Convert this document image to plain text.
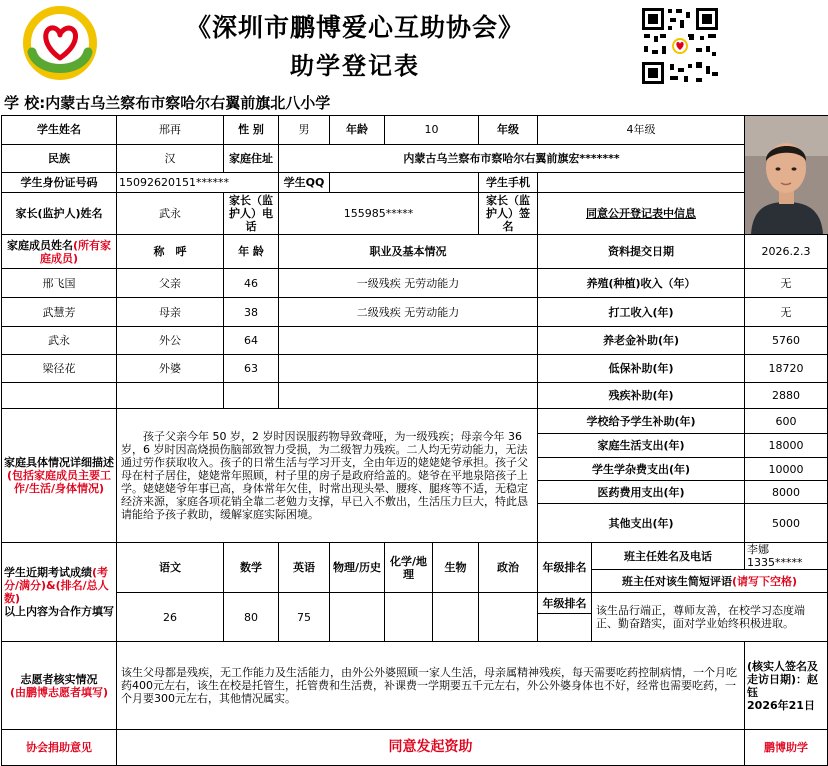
《深圳市鹏博爱心互助协会》
助学登记表
学 校:内蒙古乌兰察布市察哈尔右翼前旗北八小学
学生姓名	邢再	性 别	男	年龄	10		年级	4年级	

民族	汉	家庭住址	内蒙古乌兰察布市察哈尔右翼前旗宏*******							
学生身份证号码	15092620151******		学生QQ				学生手机			
家长(监护人)姓名	武永	家长（监护人）电话	155985*****				家长（监护人）签名	同意公开登记表中信息		
家庭成员姓名(所有家庭成员)	称　呼	年 龄	职业及基本情况					资料提交日期		2026.2.3
邢飞国	父亲	46	一级残疾 无劳动能力					养殖(种植)收入（年）		无
武慧芳	母亲	38	二级残疾 无劳动能力					打工收入(年)		无
武永	外公	64						养老金补助(年)		5760
梁径花	外婆	63						低保补助(年)		18720
								残疾补助(年)		2880
家庭具体情况详细描述(包括家庭成员主要工作/生活/身体情况)	孩子父亲今年 50 岁，2 岁时因误服药物导致聋哑，为一级残疾；母亲今年 36 岁，6 岁时因高烧损伤脑部致智力受损，为二级智力残疾。二人均无劳动能力，无法通过劳作获取收入。孩子的日常生活与学习开支，全由年迈的姥姥姥爷承担。孩子父母在村子居住，姥姥常年照顾，村子里的房子是政府给盖的。姥爷在平地泉陪孩子上学。姥姥姥爷年事已高，身体常年欠佳，时常出现头晕、腰疼、腿疼等不适，无稳定经济来源，家庭各项花销全靠二老勉力支撑，早已入不敷出，生活压力巨大，特此恳请能给予孩子救助，缓解家庭实际困境。							学校给予学生补助(年)		600
								家庭生活支出(年)		18000
								学生学杂费支出(年)		10000
								医药费用支出(年)		8000
								其他支出(年)		5000
学生近期考试成绩(考分/满分)&(排名/总人数)
以上内容为合作方填写	语文	数学	英语	物理/历史	化学/地理	生物	政治	年级排名	班主任姓名及电话	李娜 1335*****
									班主任对该生简短评语(请写下空格)	
	26	80	75					年级排名	该生品行端正，尊师友善，在校学习态度端正、勤奋踏实，面对学业始终积极进取。	

志愿者核实情况
(由鹏博志愿者填写)	该生父母都是残疾，无工作能力及生活能力，由外公外婆照顾一家人生活，母亲属精神残疾，每天需要吃药控制病情，一个月吃药400元左右，该生在校是托管生，托管费和生活费，补课费一学期要五千元左右，外公外婆身体也不好，经常也需要吃药，一个月要300元左右，其他情况属实。									(核实人签名及走访日期)：赵钰
2026年21日
协会捐助意见	同意发起资助									鹏博助学
